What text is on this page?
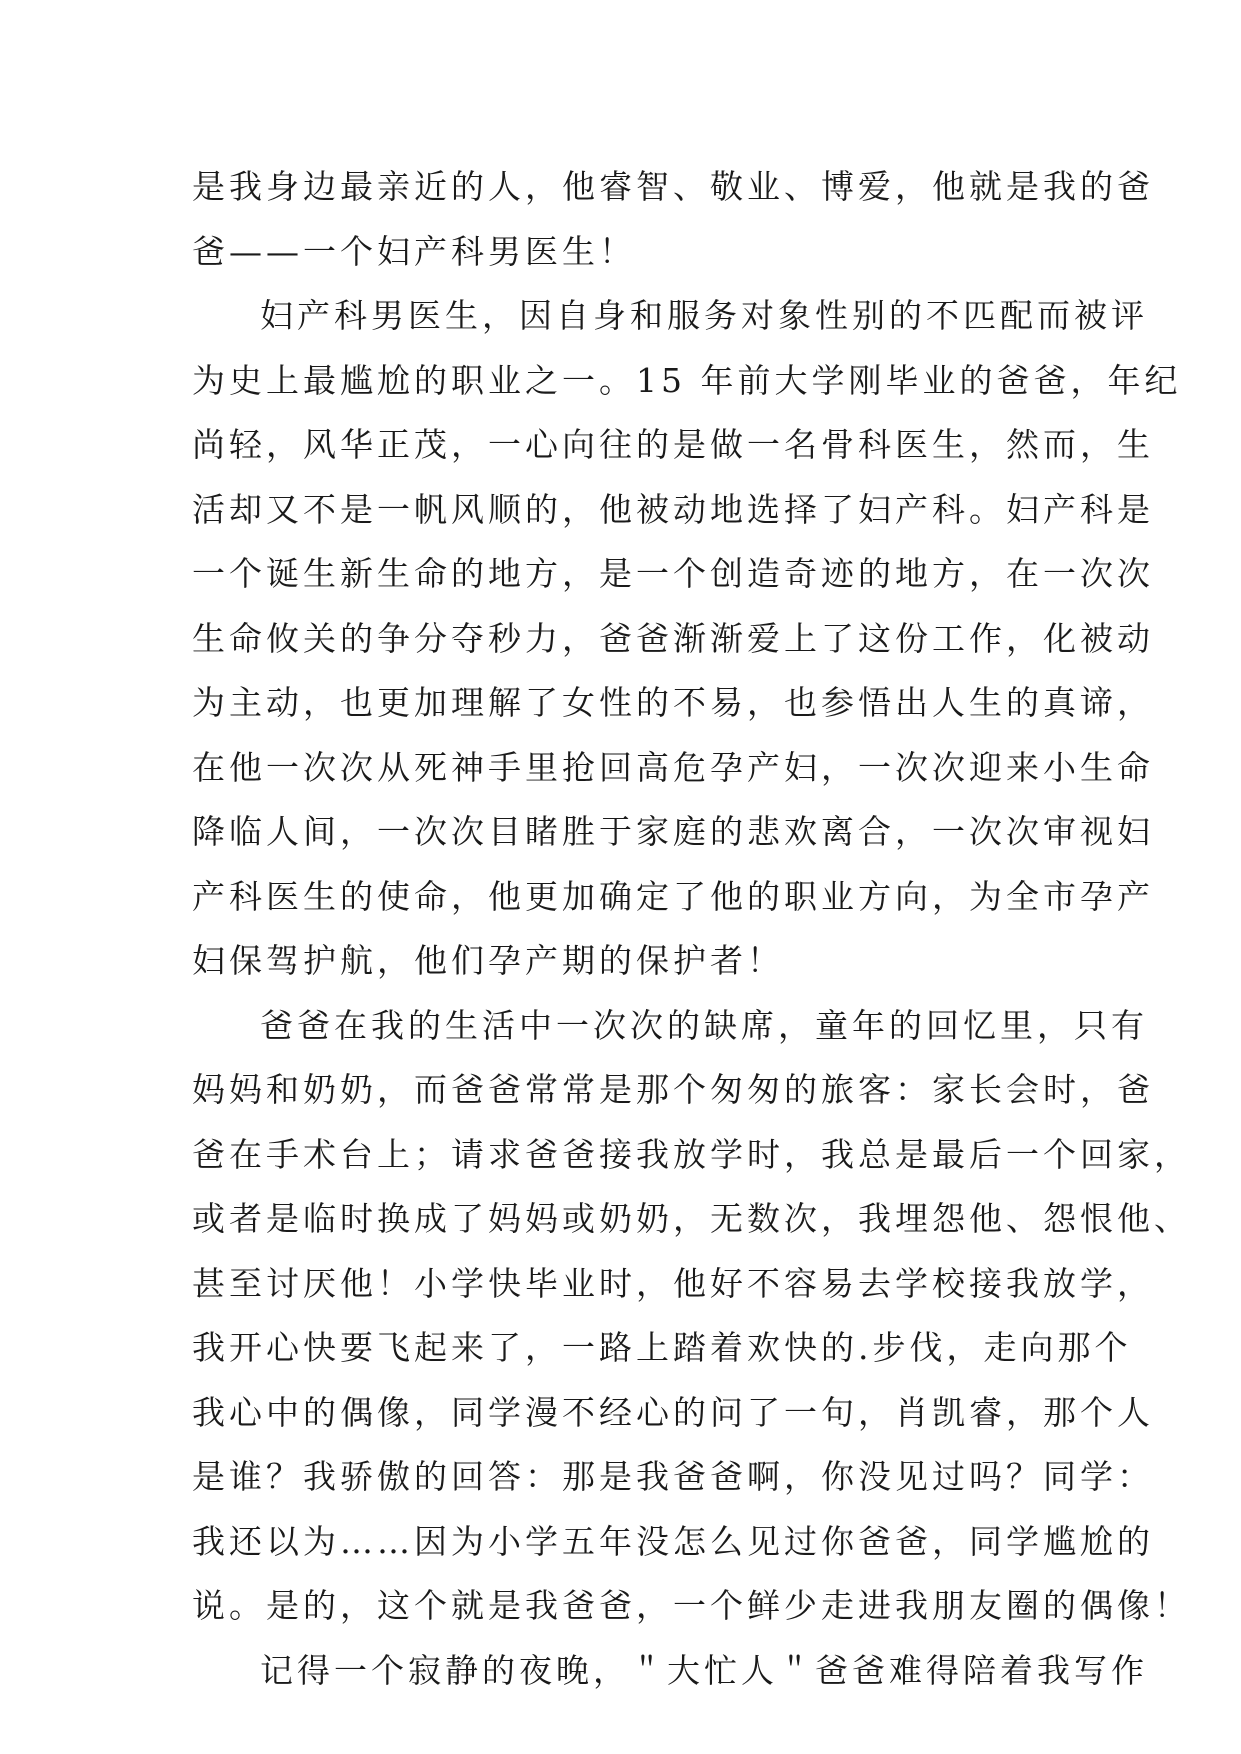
是我身边最亲近的人，他睿智、敬业、博爱，他就是我的爸
爸——一个妇产科男医生！
妇产科男医生，因自身和服务对象性别的不匹配而被评
为史上最尴尬的职业之一。15 年前大学刚毕业的爸爸，年纪
尚轻，风华正茂，一心向往的是做一名骨科医生，然而，生
活却又不是一帆风顺的，他被动地选择了妇产科。妇产科是
一个诞生新生命的地方，是一个创造奇迹的地方，在一次次
生命攸关的争分夺秒力，爸爸渐渐爱上了这份工作，化被动
为主动，也更加理解了女性的不易，也参悟出人生的真谛，
在他一次次从死神手里抢回高危孕产妇，一次次迎来小生命
降临人间，一次次目睹胜于家庭的悲欢离合，一次次审视妇
产科医生的使命，他更加确定了他的职业方向，为全市孕产
妇保驾护航，他们孕产期的保护者！
爸爸在我的生活中一次次的缺席，童年的回忆里，只有
妈妈和奶奶，而爸爸常常是那个匆匆的旅客：家长会时，爸
爸在手术台上；请求爸爸接我放学时，我总是最后一个回家，
或者是临时换成了妈妈或奶奶，无数次，我埋怨他、怨恨他、
甚至讨厌他！小学快毕业时，他好不容易去学校接我放学，
我开心快要飞起来了，一路上踏着欢快的.步伐，走向那个
我心中的偶像，同学漫不经心的问了一句，肖凯睿，那个人
是谁？我骄傲的回答：那是我爸爸啊，你没见过吗？同学：
我还以为……因为小学五年没怎么见过你爸爸，同学尴尬的
说。是的，这个就是我爸爸，一个鲜少走进我朋友圈的偶像！
记得一个寂静的夜晚，＂大忙人＂爸爸难得陪着我写作
